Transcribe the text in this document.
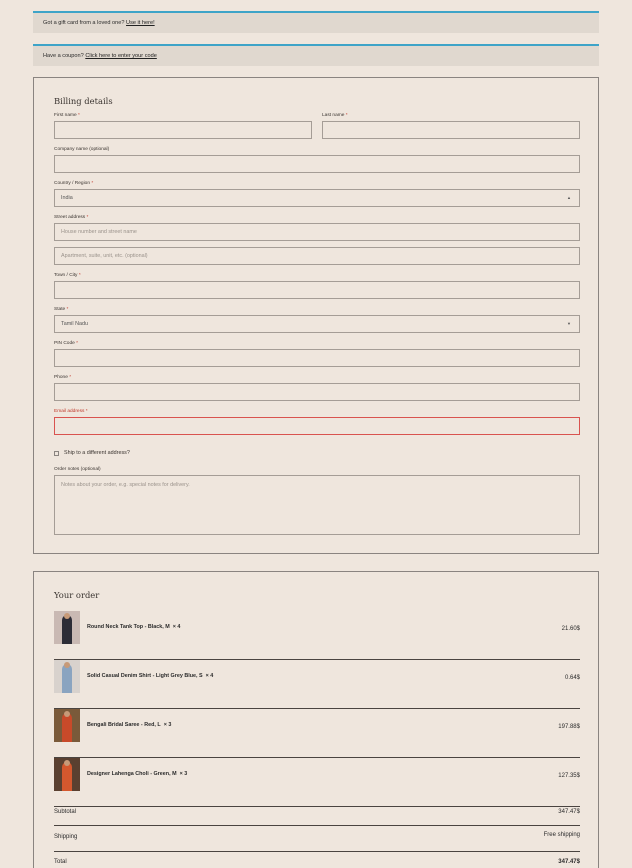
Got a gift card from a loved one? Use it here!
Have a coupon? Click here to enter your code
Billing details
First name *	Last name *
Company name (optional)
Country / Region *
India	▲
Street address *
House number and street name
Apartment, suite, unit, etc. (optional)
Town / City *
State *
Tamil Nadu	▼
PIN Code *
Phone *
Email address *
Ship to a different address?
Order notes (optional)
Notes about your order, e.g. special notes for delivery.
Your order
Round Neck Tank Top - Black, M × 4	21.60$
Solid Casual Denim Shirt - Light Grey Blue, S × 4	0.64$
Bengali Bridal Saree - Red, L × 3	197.88$
Designer Lahenga Choli - Green, M × 3	127.35$
Subtotal	347.47$
Shipping	Free shipping
Total	347.47$
